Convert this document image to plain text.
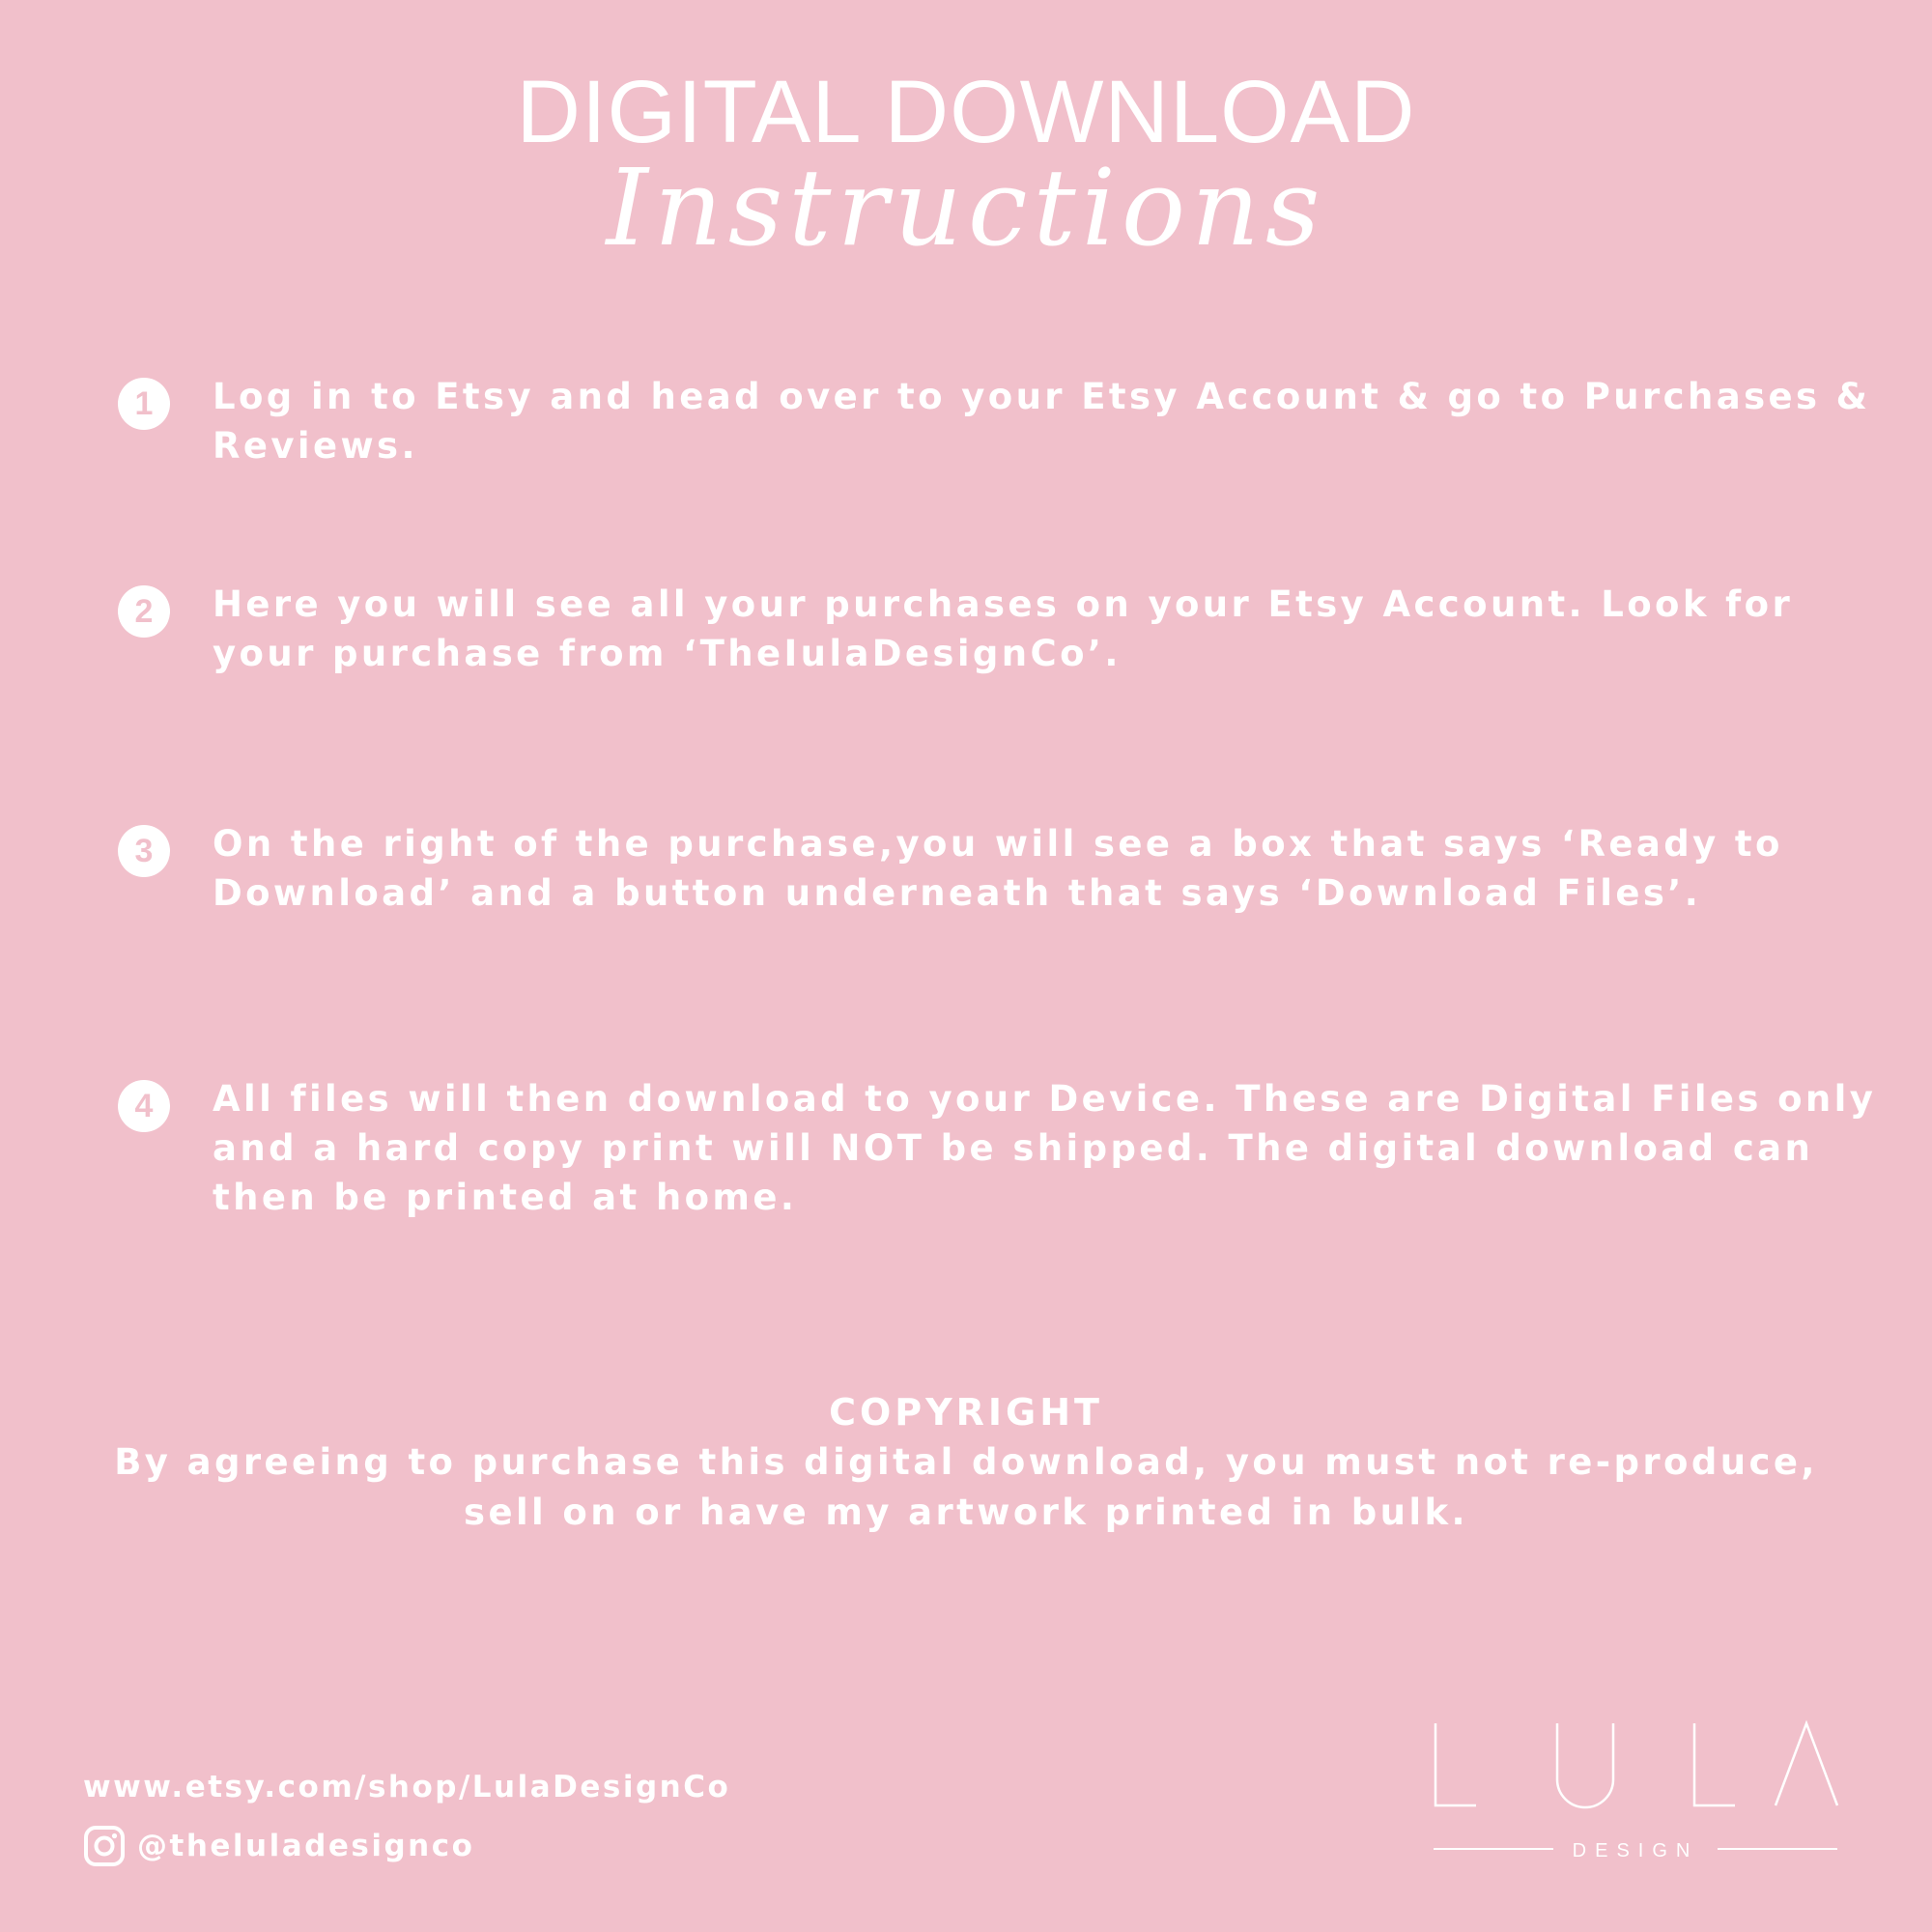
DIGITAL DOWNLOAD
Instructions
1	Log in to Etsy and head over to your Etsy Account & go to Purchases &
Reviews.
2	Here you will see all your purchases on your Etsy Account. Look for
your purchase from ‘TheIulaDesignCo’.
3	On the right of the purchase,you will see a box that says ‘Ready to
Download’ and a button underneath that says ‘Download Files’.
4	All files will then download to your Device. These are Digital Files only
and a hard copy print will NOT be shipped. The digital download can
then be printed at home.
COPYRIGHT
By agreeing to purchase this digital download, you must not re-produce,
sell on or have my artwork printed in bulk.
www.etsy.com/shop/LulaDesignCo
@theluladesignco	DESIGN
